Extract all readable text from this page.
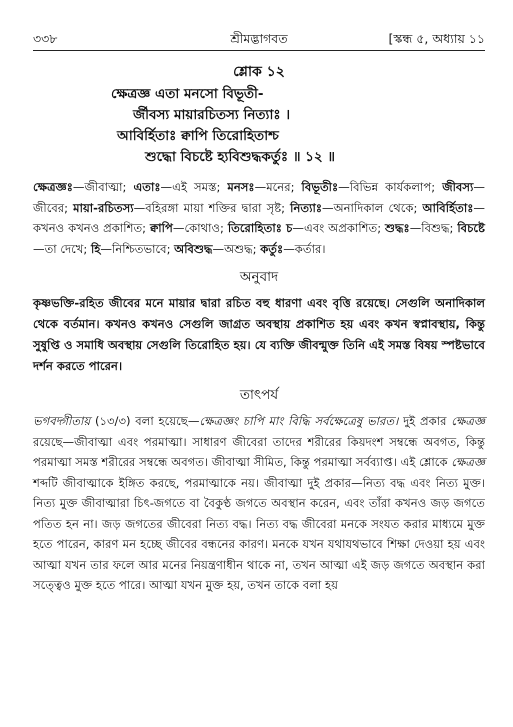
৩৩৮	শ্রীমদ্ভাগবত	[স্কন্ধ ৫, অধ্যায় ১১
শ্লোক ১২
ক্ষেত্রজ্ঞ এতা মনসো বিভূতী-
র্জীবস্য মায়ারচিতস্য নিত্যাঃ ।
আবির্হিতাঃ ক্বাপি তিরোহিতাশ্চ
শুদ্ধো বিচষ্টে হ্যবিশুদ্ধকর্তুঃ ॥ ১২ ॥
ক্ষেত্রজ্ঞঃ—জীবাত্মা; এতাঃ—এই সমস্ত; মনসঃ—মনের; বিভূতীঃ—বিভিন্ন কার্যকলাপ; জীবস্য—জীবের; মায়া-রচিতস্য—বহিরঙ্গা মায়া শক্তির দ্বারা সৃষ্ট; নিত্যাঃ—অনাদিকাল থেকে; আবির্হিতাঃ—কখনও কখনও প্রকাশিত; ক্বাপি—কোথাও; তিরোহিতাঃ চ—এবং অপ্রকাশিত; শুদ্ধঃ—বিশুদ্ধ; বিচষ্টে—তা দেখে; হি—নিশ্চিতভাবে; অবিশুদ্ধ—অশুদ্ধ; কর্তুঃ—কর্তার।
অনুবাদ
কৃষ্ণভক্তি-রহিত জীবের মনে মায়ার দ্বারা রচিত বহু ধারণা এবং বৃত্তি রয়েছে। সেগুলি অনাদিকাল থেকে বর্তমান। কখনও কখনও সেগুলি জাগ্রত অবস্থায় প্রকাশিত হয় এবং কখন স্বপ্নাবস্থায়, কিন্তু সুষুপ্তি ও সমাধি অবস্থায় সেগুলি তিরোহিত হয়। যে ব্যক্তি জীবন্মুক্ত তিনি এই সমস্ত বিষয় স্পষ্টভাবে দর্শন করতে পারেন।
তাৎপর্য
ভগবদ্গীতায় (১৩/৩) বলা হয়েছে—ক্ষেত্রজ্ঞং চাপি মাং বিদ্ধি সর্বক্ষেত্রেষু ভারত। দুই প্রকার ক্ষেত্রজ্ঞ রয়েছে—জীবাত্মা এবং পরমাত্মা। সাধারণ জীবেরা তাদের শরীরের কিয়দংশ সম্বন্ধে অবগত, কিন্তু পরমাত্মা সমস্ত শরীরের সম্বন্ধে অবগত। জীবাত্মা সীমিত, কিন্তু পরমাত্মা সর্বব্যাপ্ত। এই শ্লোকে ক্ষেত্রজ্ঞ শব্দটি জীবাত্মাকে ইঙ্গিত করছে, পরমাত্মাকে নয়। জীবাত্মা দুই প্রকার—নিত্য বদ্ধ এবং নিত্য মুক্ত। নিত্য মুক্ত জীবাত্মারা চিৎ-জগতে বা বৈকুণ্ঠ জগতে অবস্থান করেন, এবং তাঁরা কখনও জড় জগতে পতিত হন না। জড় জগতের জীবেরা নিত্য বদ্ধ। নিত্য বদ্ধ জীবেরা মনকে সংযত করার মাধ্যমে মুক্ত হতে পারেন, কারণ মন হচ্ছে জীবের বন্ধনের কারণ। মনকে যখন যথাযথভাবে শিক্ষা দেওয়া হয় এবং আত্মা যখন তার ফলে আর মনের নিয়ন্ত্রণাধীন থাকে না, তখন আত্মা এই জড় জগতে অবস্থান করা সত্ত্বেও মুক্ত হতে পারে। আত্মা যখন মুক্ত হয়, তখন তাকে বলা হয়
